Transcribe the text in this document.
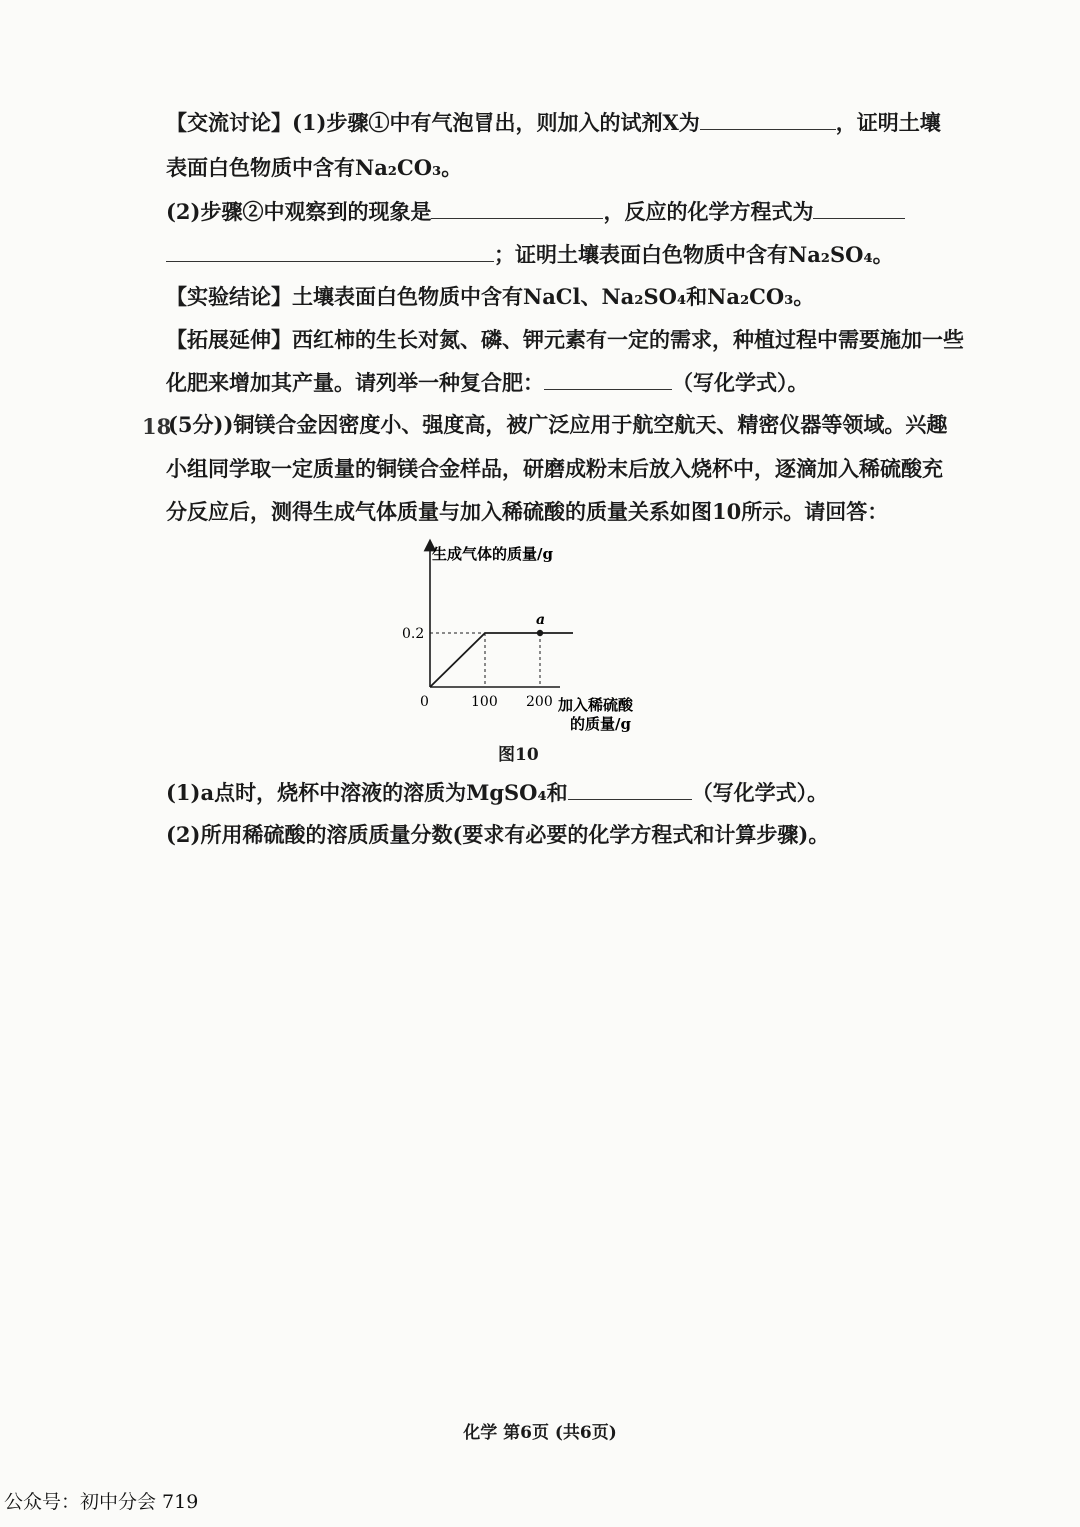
【交流讨论】(1)步骤①中有气泡冒出，则加入的试剂X为	，证明土壤
表面白色物质中含有Na₂CO₃。
(2)步骤②中观察到的现象是	，反应的化学方程式为
；证明土壤表面白色物质中含有Na₂SO₄。
【实验结论】土壤表面白色物质中含有NaCl、Na₂SO₄和Na₂CO₃。
【拓展延伸】西红柿的生长对氮、磷、钾元素有一定的需求，种植过程中需要施加一些
化肥来增加其产量。请列举一种复合肥：	（写化学式）。
18
(5分))铜镁合金因密度小、强度高，被广泛应用于航空航天、精密仪器等领域。兴趣
小组同学取一定质量的铜镁合金样品，研磨成粉末后放入烧杯中，逐滴加入稀硫酸充
分反应后，测得生成气体质量与加入稀硫酸的质量关系如图10所示。请回答：
生成气体的质量/g
0	100 200
0.2
a
加入稀硫酸
的质量/g
图10
(1)a点时，烧杯中溶液的溶质为MgSO₄和	（写化学式）。
(2)所用稀硫酸的溶质质量分数(要求有必要的化学方程式和计算步骤)。
化学 第6页 (共6页)
公众号：初中分会 719
